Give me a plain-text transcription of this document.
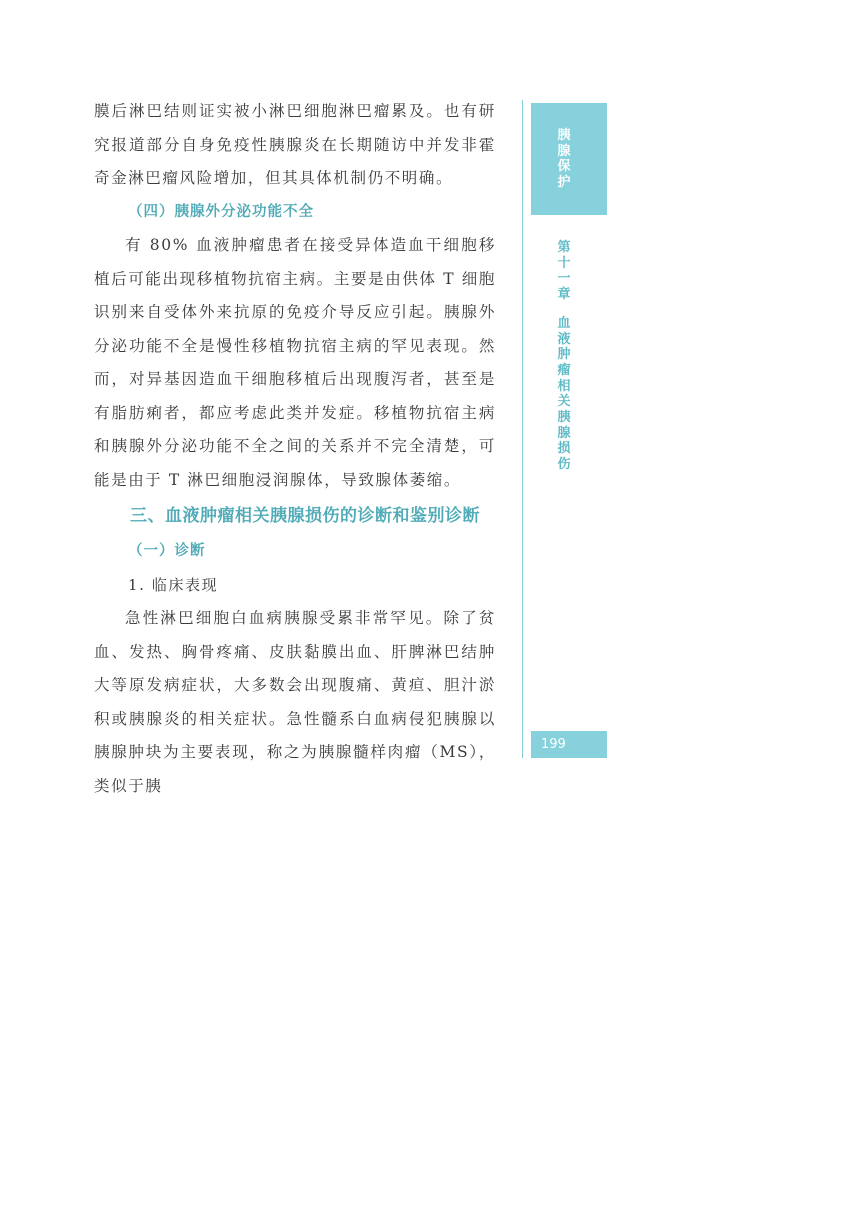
膜后淋巴结则证实被小淋巴细胞淋巴瘤累及。也有研究报道部分自身免疫性胰腺炎在长期随访中并发非霍奇金淋巴瘤风险增加，但其具体机制仍不明确。

（四）胰腺外分泌功能不全

有 80% 血液肿瘤患者在接受异体造血干细胞移植后可能出现移植物抗宿主病。主要是由供体 T 细胞识别来自受体外来抗原的免疫介导反应引起。胰腺外分泌功能不全是慢性移植物抗宿主病的罕见表现。然而，对异基因造血干细胞移植后出现腹泻者，甚至是有脂肪痢者，都应考虑此类并发症。移植物抗宿主病和胰腺外分泌功能不全之间的关系并不完全清楚，可能是由于 T 淋巴细胞浸润腺体，导致腺体萎缩。

三、血液肿瘤相关胰腺损伤的诊断和鉴别诊断

（一）诊断

1. 临床表现

急性淋巴细胞白血病胰腺受累非常罕见。除了贫血、发热、胸骨疼痛、皮肤黏膜出血、肝脾淋巴结肿大等原发病症状，大多数会出现腹痛、黄疸、胆汁淤积或胰腺炎的相关症状。急性髓系白血病侵犯胰腺以胰腺肿块为主要表现，称之为胰腺髓样肉瘤（MS），类似于胰

胰腺保护
第
十
一
章
血
液
肿
瘤
相
关
胰
腺
损
伤
199
